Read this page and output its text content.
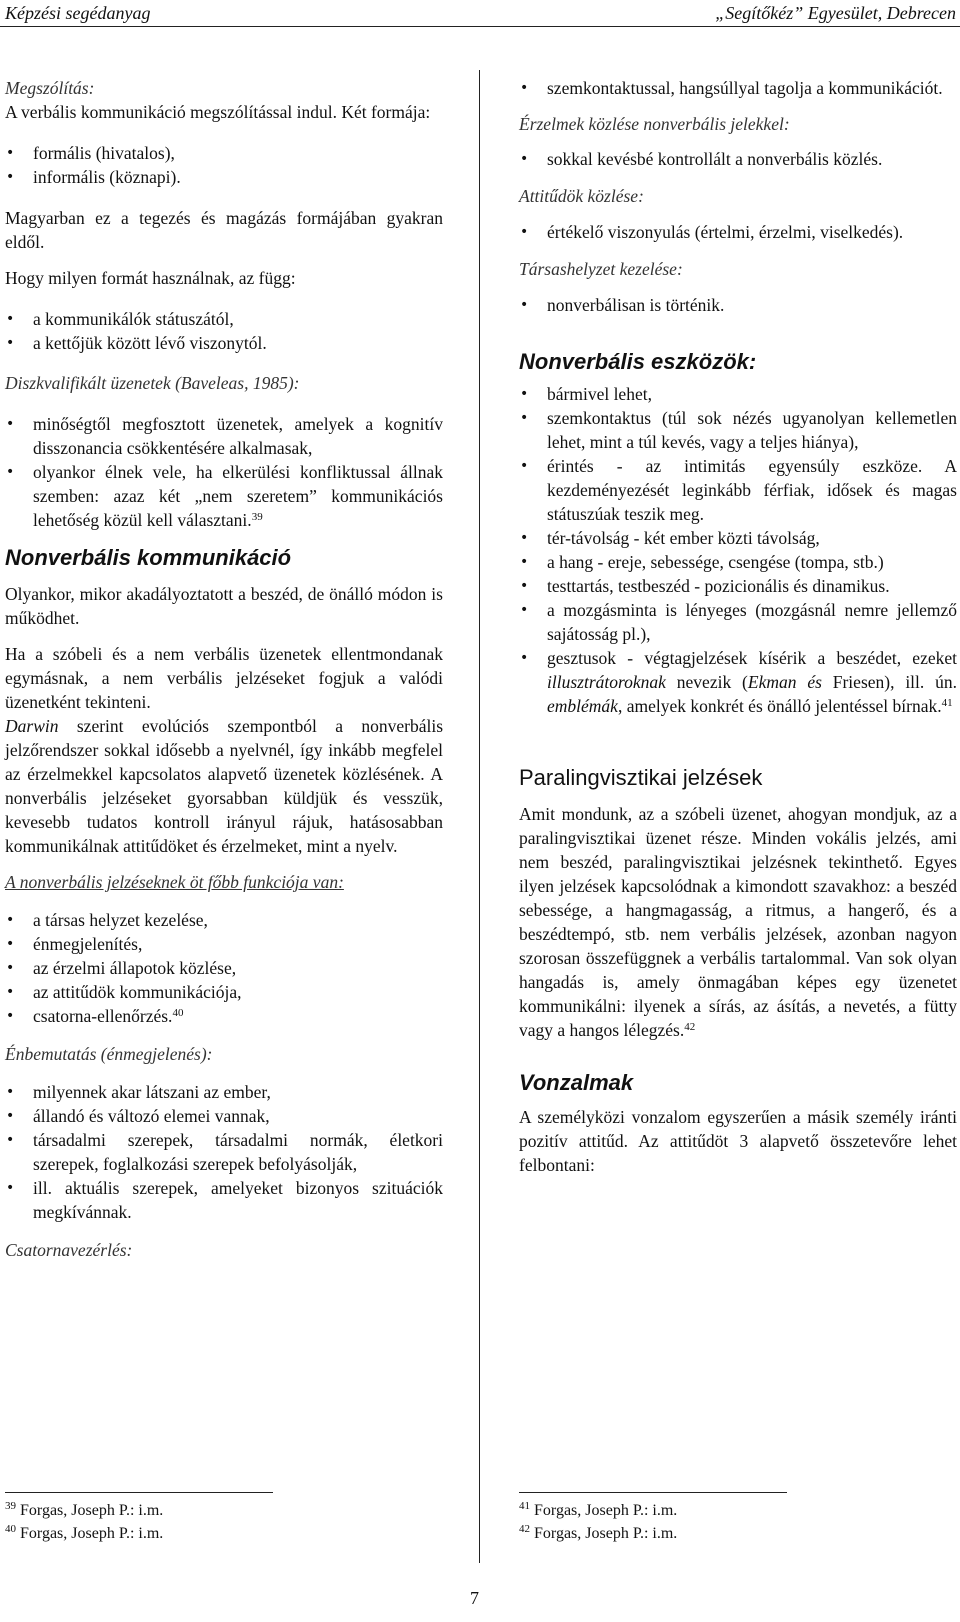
Képzési segédanyag	„Segítőkéz” Egyesület, Debrecen

Megszólítás:

A verbális kommunikáció megszólítással indul. Két formája:

• formális (hivatalos),
• informális (köznapi).

Magyarban ez a tegezés és magázás formájában gyakran eldől.

Hogy milyen formát használnak, az függ:

• a kommunikálók státuszától,
• a kettőjük között lévő viszonytól.

Diszkvalifikált üzenetek (Baveleas, 1985):

• minőségtől megfosztott üzenetek, amelyek a kognitív disszonancia csökkentésére alkalmasak,
• olyankor élnek vele, ha elkerülési konfliktussal állnak szemben: azaz két „nem szeretem” kommunikációs lehetőség közül kell választani.$^{39}$
Nonverbális kommunikáció

Olyankor, mikor akadályoztatott a beszéd, de önálló módon is működhet.

Ha a szóbeli és a nem verbális üzenetek ellentmondanak egymásnak, a nem verbális jelzéseket fogjuk a valódi üzenetként tekinteni.

Darwin szerint evolúciós szempontból a nonverbális jelzőrendszer sokkal idősebb a nyelvnél, így inkább megfelel az érzelmekkel kapcsolatos alapvető üzenetek közlésének. A nonverbális jelzéseket gyorsabban küldjük és vesszük, kevesebb tudatos kontroll irányul rájuk, hatásosabban kommunikálnak attitűdöket és érzelmeket, mint a nyelv.

A nonverbális jelzéseknek öt főbb funkciója van:

• a társas helyzet kezelése,
• énmegjelenítés,
• az érzelmi állapotok közlése,
• az attitűdök kommunikációja,
• csatorna-ellenőrzés.$^{40}$

Énbemutatás (énmegjelenés):

• milyennek akar látszani az ember,
• állandó és változó elemei vannak,
• társadalmi szerepek, társadalmi normák, életkori szerepek, foglalkozási szerepek befolyásolják,
• ill. aktuális szerepek, amelyeket bizonyos szituációk megkívánnak.

Csatornavezérlés:

• szemkontaktussal, hangsúllyal tagolja a kommunikációt.

Érzelmek közlése nonverbális jelekkel:

• sokkal kevésbé kontrollált a nonverbális közlés.

Attitűdök közlése:

• értékelő viszonyulás (értelmi, érzelmi, viselkedés).

Társashelyzet kezelése:

• nonverbálisan is történik.
Nonverbális eszközök:
• bármivel lehet,
• szemkontaktus (túl sok nézés ugyanolyan kellemetlen lehet, mint a túl kevés, vagy a teljes hiánya),
• érintés - az intimitás egyensúly eszköze. A kezdeményezését leginkább férfiak, idősek és magas státuszúak teszik meg.
• tér-távolság - két ember közti távolság,
• a hang - ereje, sebessége, csengése (tompa, stb.)
• testtartás, testbeszéd - pozicionális és dinamikus.
• a mozgásminta is lényeges (mozgásnál nemre jellemző sajátosság pl.),
• gesztusok - végtagjelzések kísérik a beszédet, ezeket illusztrátoroknak nevezik (Ekman és Friesen), ill. ún. emblémák, amelyek konkrét és önálló jelentéssel bírnak.$^{41}$
Paralingvisztikai jelzések

Amit mondunk, az a szóbeli üzenet, ahogyan mondjuk, az a paralingvisztikai üzenet része. Minden vokális jelzés, ami nem beszéd, paralingvisztikai jelzésnek tekinthető. Egyes ilyen jelzések kapcsolódnak a kimondott szavakhoz: a beszéd sebessége, a hangmagasság, a ritmus, a hangerő, és a beszédtempó, stb. nem verbális jelzések, azonban nagyon szorosan összefüggnek a verbális tartalommal. Van sok olyan hangadás is, amely önmagában képes egy üzenetet kommunikálni: ilyenek a sírás, az ásítás, a nevetés, a fütty vagy a hangos lélegzés.$^{42}$

Vonzalmak

A személyközi vonzalom egyszerűen a másik személy iránti pozitív attitűd. Az attitűdöt 3 alapvető összetevőre lehet felbontani:

$^{39}$ Forgas, Joseph P.: i.m.
$^{40}$ Forgas, Joseph P.: i.m.
$^{41}$ Forgas, Joseph P.: i.m.
$^{42}$ Forgas, Joseph P.: i.m.
7
